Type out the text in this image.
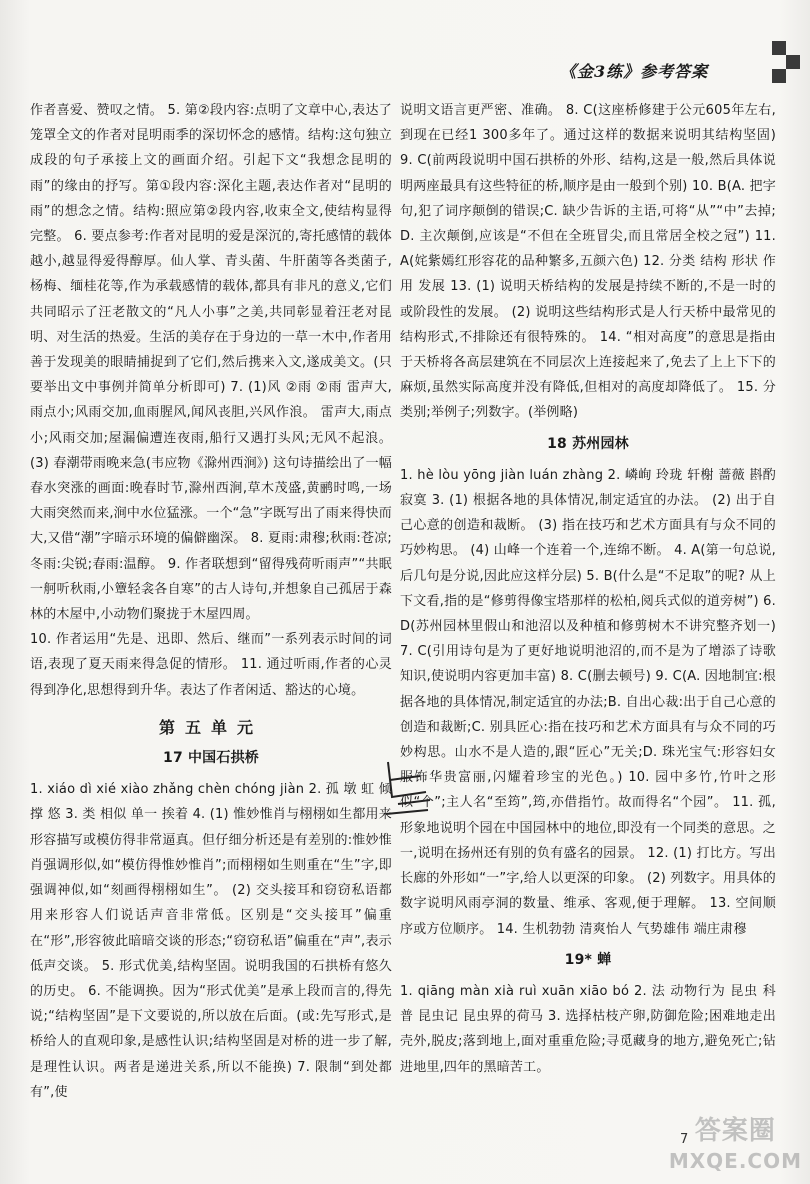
《金3练》参考答案

作者喜爱、赞叹之情。 5. 第②段内容:点明了文章中心,表达了笼罩全文的作者对昆明雨季的深切怀念的感情。结构:这句独立成段的句子承接上文的画面介绍。引起下文“我想念昆明的雨”的缘由的抒写。第①段内容:深化主题,表达作者对“昆明的雨”的想念之情。结构:照应第②段内容,收束全文,使结构显得完整。 6. 要点参考:作者对昆明的爱是深沉的,寄托感情的载体越小,越显得爱得醇厚。仙人掌、青头菌、牛肝菌等各类菌子,杨梅、缅桂花等,作为承载感情的载体,都具有非凡的意义,它们共同昭示了汪老散文的“凡人小事”之美,共同彰显着汪老对昆明、对生活的热爱。生活的美存在于身边的一草一木中,作者用善于发现美的眼睛捕捉到了它们,然后携来入文,遂成美文。(只要举出文中事例并简单分析即可) 7. (1)风 ②雨 ②雨 雷声大,雨点小;风雨交加,血雨腥风,闻风丧胆,兴风作浪。 雷声大,雨点小;风雨交加;屋漏偏遭连夜雨,船行又遇打头风;无风不起浪。 (3) 春潮带雨晚来急(韦应物《滁州西涧》) 这句诗描绘出了一幅春水突涨的画面:晚春时节,滁州西涧,草木茂盛,黄鹂时鸣,一场大雨突然而来,涧中水位猛涨。一个“急”字既写出了雨来得快而大,又借“潮”字暗示环境的偏僻幽深。 8. 夏雨:肃穆;秋雨:苍凉;冬雨:尖锐;春雨:温醇。 9. 作者联想到“留得残荷听雨声”“共眠一舸听秋雨,小簟轻衾各自寒”的古人诗句,并想象自己孤居于森林的木屋中,小动物们聚拢于木屋四周。

10. 作者运用“先是、迅即、然后、继而”一系列表示时间的词语,表现了夏天雨来得急促的情形。 11. 通过听雨,作者的心灵得到净化,思想得到升华。表达了作者闲适、豁达的心境。

第五单元
17 中国石拱桥

1. xiáo dì xié xiào zhǎng chèn chóng jiàn 2. 孤 墩 虹 倾 撑 悠 3. 类 相似 单一 挨着 4. (1) 惟妙惟肖与栩栩如生都用来形容描写或模仿得非常逼真。但仔细分析还是有差别的:惟妙惟肖强调形似,如“模仿得惟妙惟肖”;而栩栩如生则重在“生”字,即强调神似,如“刻画得栩栩如生”。 (2) 交头接耳和窃窃私语都用来形容人们说话声音非常低。区别是“交头接耳”偏重在“形”,形容彼此暗暗交谈的形态;“窃窃私语”偏重在“声”,表示低声交谈。 5. 形式优美,结构坚固。说明我国的石拱桥有悠久的历史。 6. 不能调换。因为“形式优美”是承上段而言的,得先说;“结构坚固”是下文要说的,所以放在后面。(或:先写形式,是桥给人的直观印象,是感性认识;结构坚固是对桥的进一步了解,是理性认识。两者是递进关系,所以不能换) 7. 限制“到处都有”,使

说明文语言更严密、准确。 8. C(这座桥修建于公元605年左右,到现在已经1 300多年了。通过这样的数据来说明其结构坚固) 9. C(前两段说明中国石拱桥的外形、结构,这是一般,然后具体说明两座最具有这些特征的桥,顺序是由一般到个别) 10. B(A. 把字句,犯了词序颠倒的错误;C. 缺少告诉的主语,可将“从”“中”去掉;D. 主次颠倒,应该是“不但在全班冒尖,而且常居全校之冠”) 11. A(姹紫嫣红形容花的品种繁多,五颜六色) 12. 分类 结构 形状 作用 发展 13. (1) 说明天桥结构的发展是持续不断的,不是一时的或阶段性的发展。 (2) 说明这些结构形式是人行天桥中最常见的结构形式,不排除还有很特殊的。 14. “相对高度”的意思是指由于天桥将各高层建筑在不同层次上连接起来了,免去了上上下下的麻烦,虽然实际高度并没有降低,但相对的高度却降低了。 15. 分类别;举例子;列数字。(举例略)

18 苏州园林

1. hè lòu yōng jiàn luán zhàng 2. 嶙峋 玲珑 轩榭 蔷薇 斟酌 寂寞 3. (1) 根据各地的具体情况,制定适宜的办法。 (2) 出于自己心意的创造和裁断。 (3) 指在技巧和艺术方面具有与众不同的巧妙构思。 (4) 山峰一个连着一个,连绵不断。 4. A(第一句总说,后几句是分说,因此应这样分层) 5. B(什么是“不足取”的呢? 从上下文看,指的是“修剪得像宝塔那样的松柏,阅兵式似的道旁树”) 6. D(苏州园林里假山和池沼以及种植和修剪树木不讲究整齐划一) 7. C(引用诗句是为了更好地说明池沼的,而不是为了增添了诗歌知识,使说明内容更加丰富) 8. C(删去顿号) 9. C(A. 因地制宜:根据各地的具体情况,制定适宜的办法;B. 自出心裁:出于自己心意的创造和裁断;C. 别具匠心:指在技巧和艺术方面具有与众不同的巧妙构思。山水不是人造的,跟“匠心”无关;D. 珠光宝气:形容妇女服饰华贵富丽,闪耀着珍宝的光色。) 10. 园中多竹,竹叶之形似“个”;主人名“至筠”,筠,亦借指竹。故而得名“个园”。 11. 孤,形象地说明个园在中国园林中的地位,即没有一个同类的意思。之一,说明在扬州还有别的负有盛名的园景。 12. (1) 打比方。写出长廊的外形如“一”字,给人以更深的印象。 (2) 列数字。用具体的数字说明风雨亭洞的数量、维承、客观,便于理解。 13. 空间顺序或方位顺序。 14. 生机勃勃 清爽怡人 气势雄伟 端庄肃穆

19* 蝉

1. qiāng màn xià ruì xuān xiāo bó 2. 法 动物行为 昆虫 科普 昆虫记 昆虫界的荷马 3. 选择枯枝产卵,防御危险;困难地走出壳外,脱皮;落到地上,面对重重危险;寻觅藏身的地方,避免死亡;钻进地里,四年的黑暗苦工。

7 答案圈
MXQE.COM
